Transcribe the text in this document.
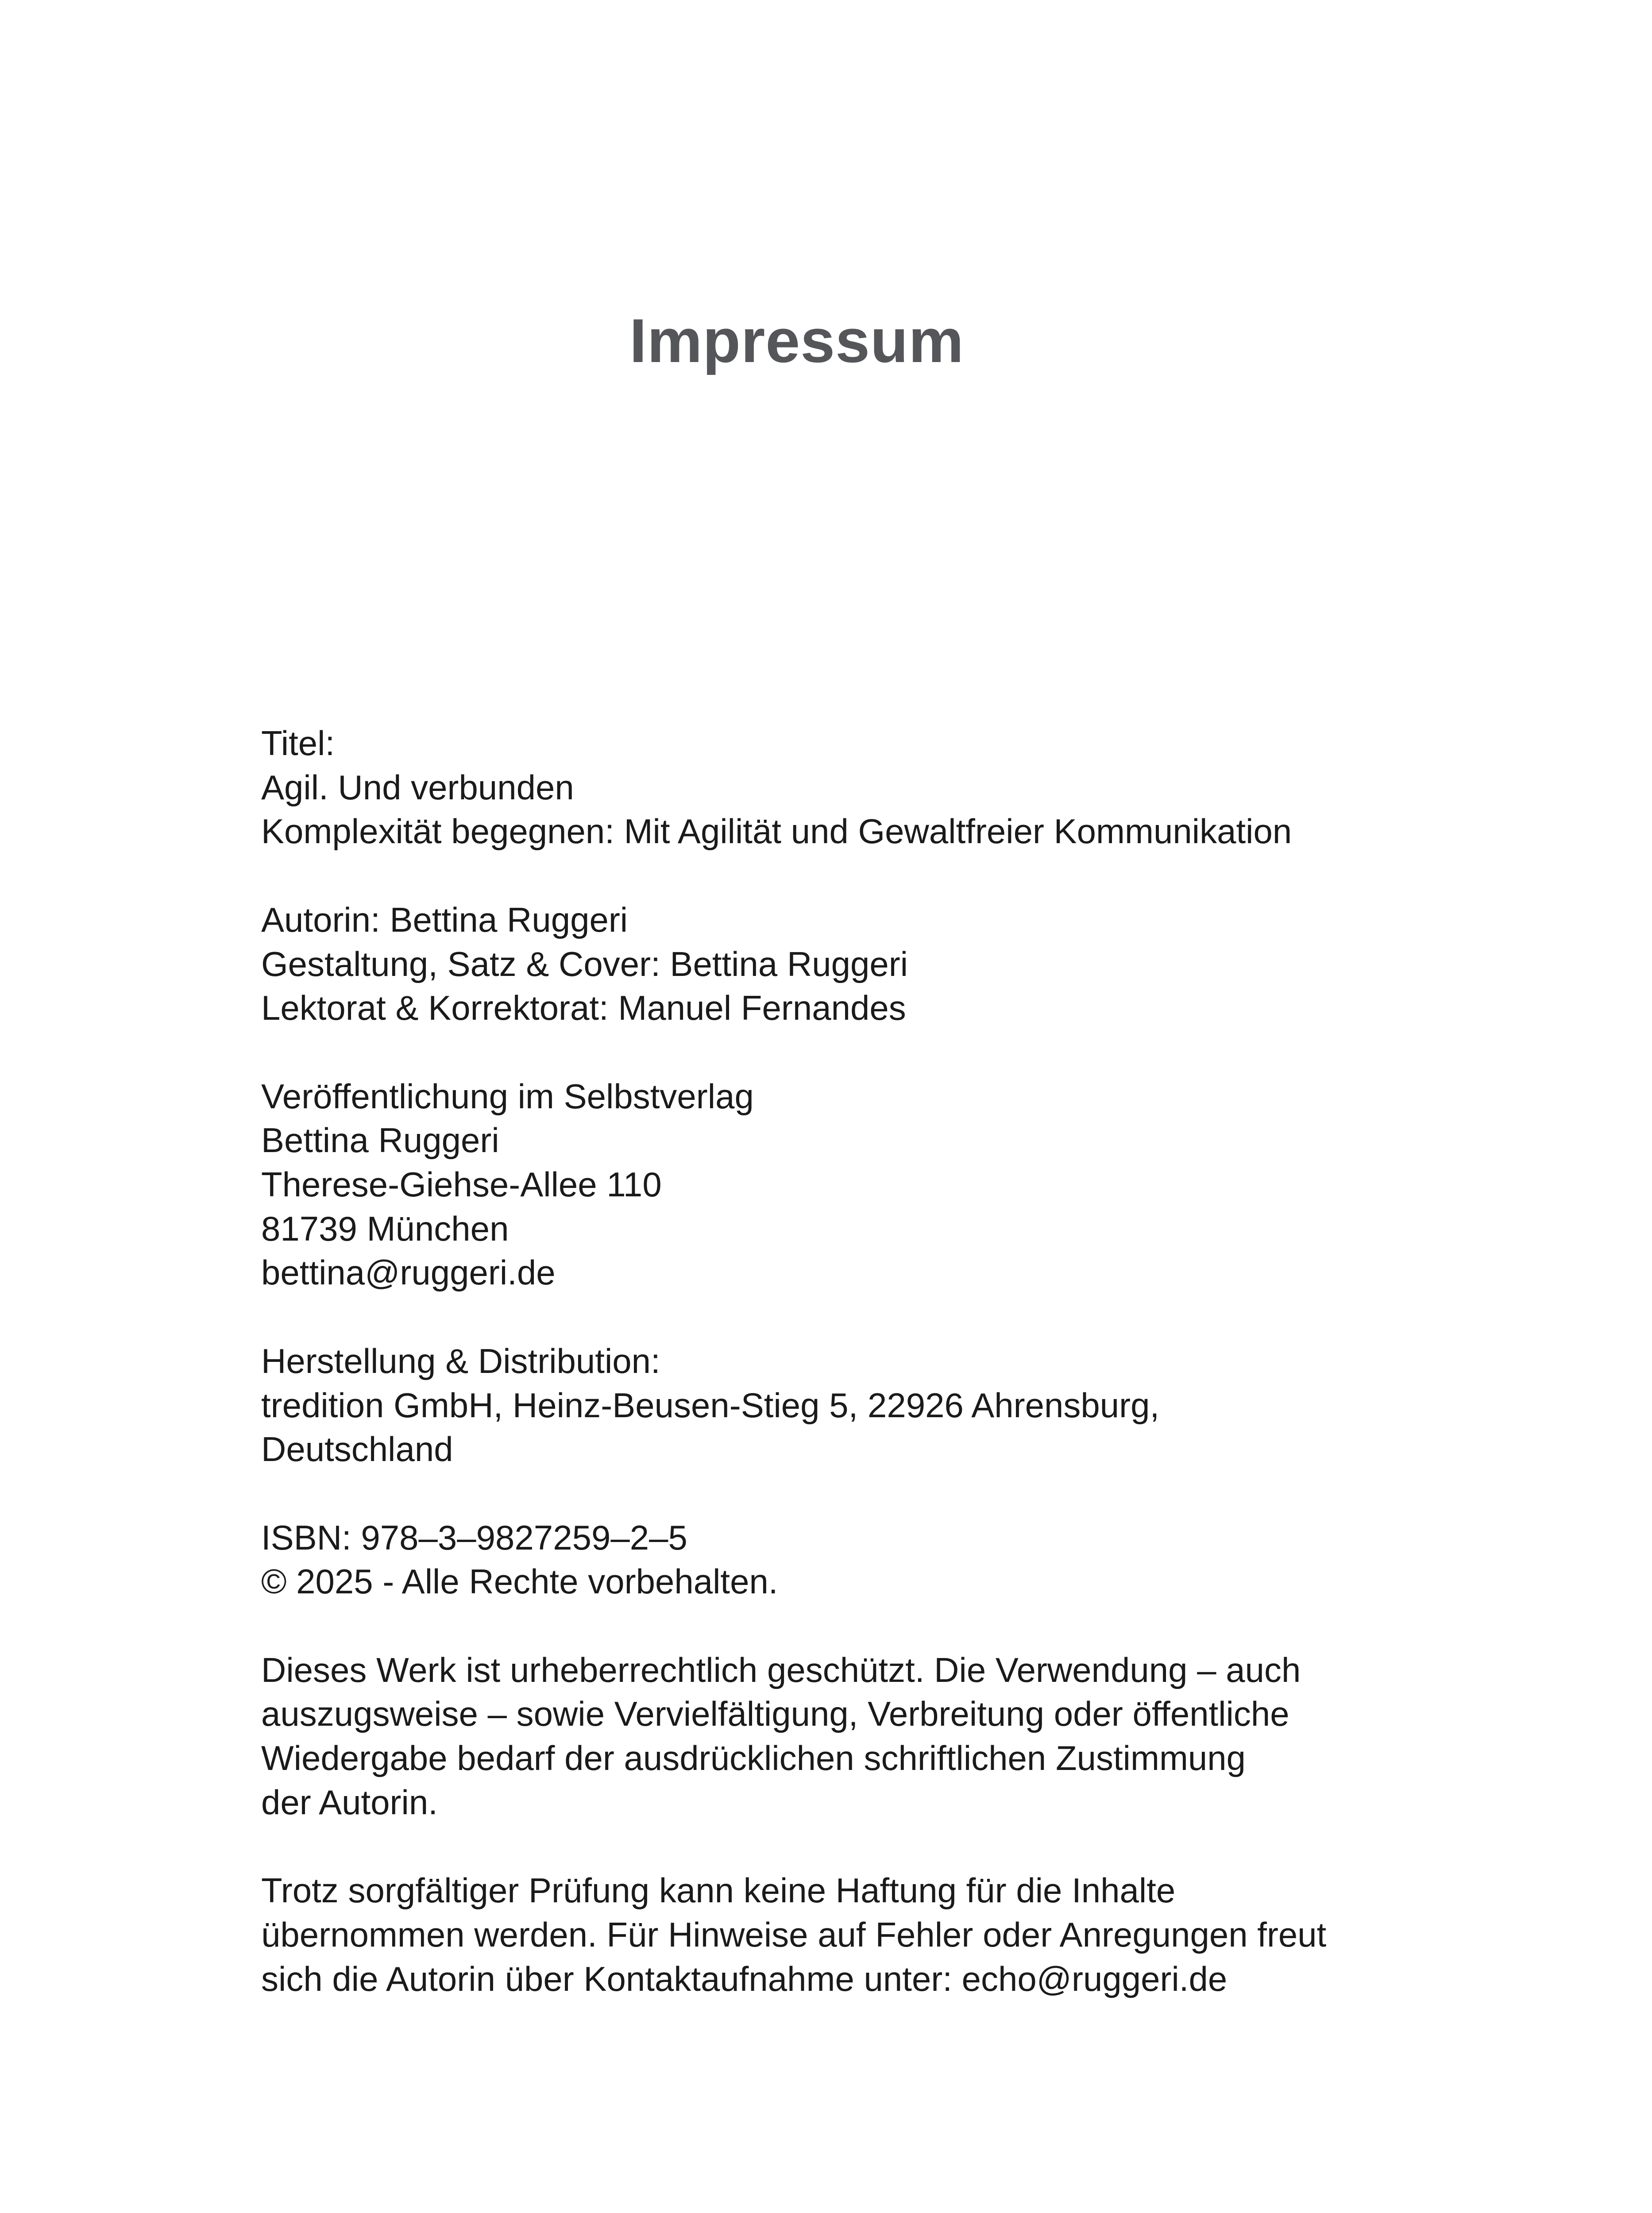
Impressum
Titel:
Agil. Und verbunden
Komplexität begegnen: Mit Agilität und Gewaltfreier Kommunikation
Autorin: Bettina Ruggeri
Gestaltung, Satz & Cover: Bettina Ruggeri
Lektorat & Korrektorat: Manuel Fernandes
Veröffentlichung im Selbstverlag
Bettina Ruggeri
Therese-Giehse-Allee 110
81739 München
bettina@ruggeri.de
Herstellung & Distribution:
tredition GmbH, Heinz-Beusen-Stieg 5, 22926 Ahrensburg,
Deutschland
ISBN: 978–3–9827259–2–5
© 2025 - Alle Rechte vorbehalten.
Dieses Werk ist urheberrechtlich geschützt. Die Verwendung – auch
auszugsweise – sowie Vervielfältigung, Verbreitung oder öffentliche
Wiedergabe bedarf der ausdrücklichen schriftlichen Zustimmung
der Autorin.
Trotz sorgfältiger Prüfung kann keine Haftung für die Inhalte
übernommen werden. Für Hinweise auf Fehler oder Anregungen freut
sich die Autorin über Kontaktaufnahme unter: echo@ruggeri.de
